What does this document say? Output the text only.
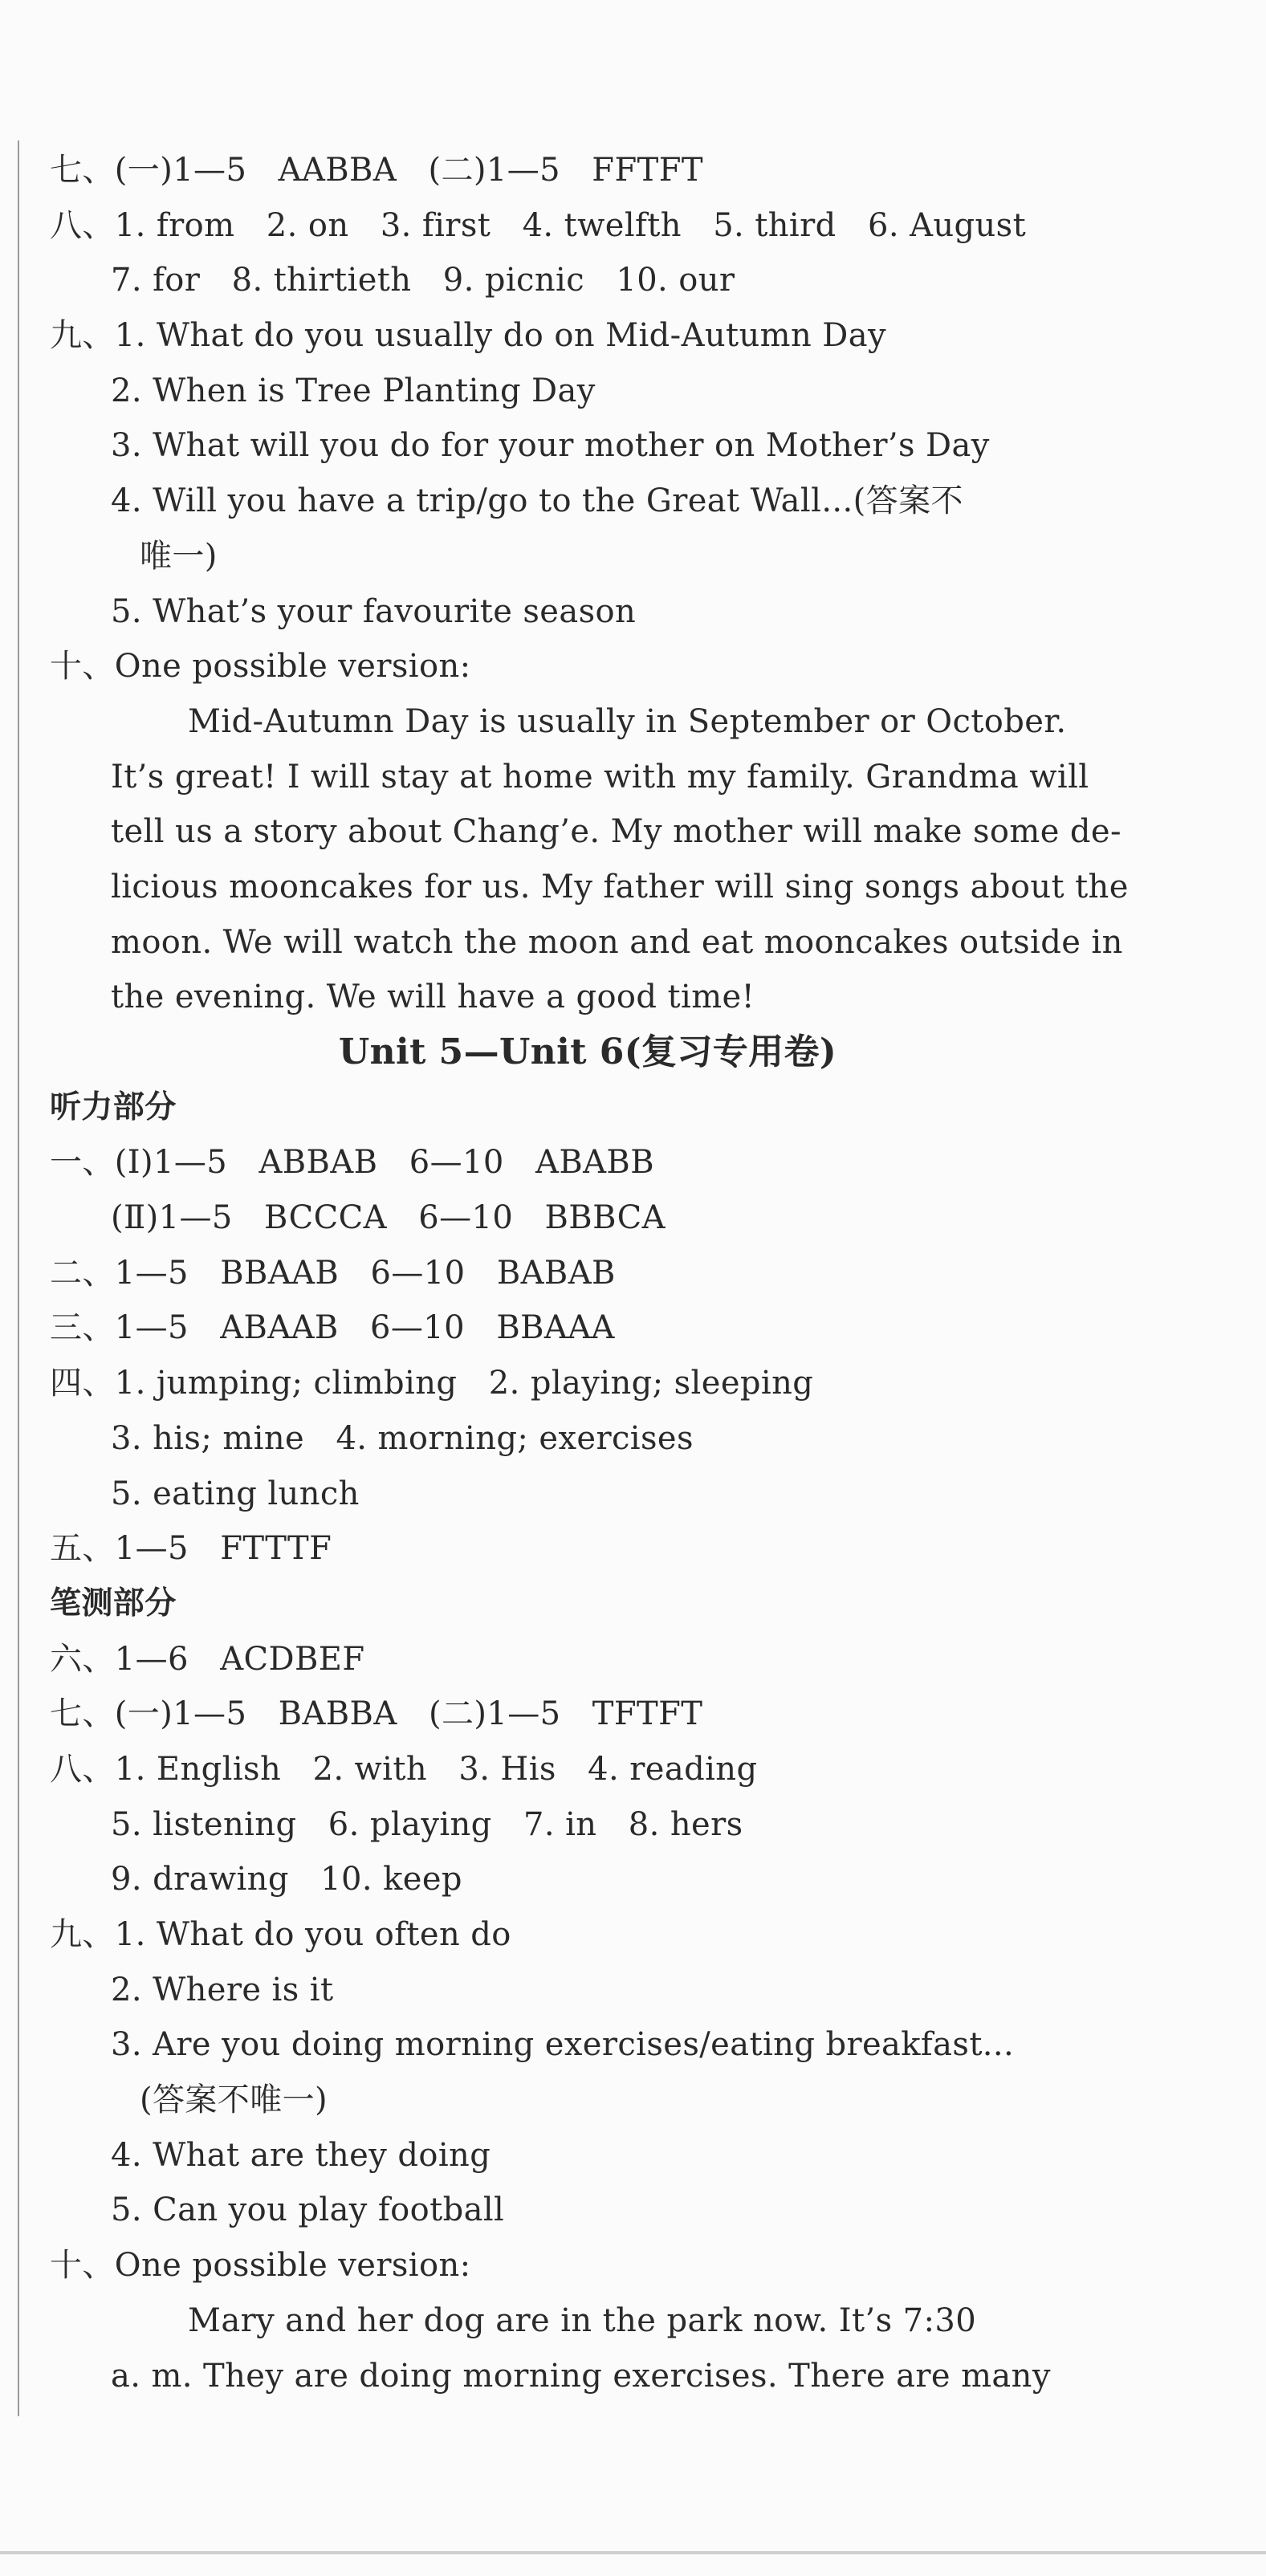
七、(一)1—5   AABBA   (二)1—5   FFTFT
八、1. from   2. on   3. first   4. twelfth   5. third   6. August
7. for   8. thirtieth   9. picnic   10. our
九、1. What do you usually do on Mid-Autumn Day
2. When is Tree Planting Day
3. What will you do for your mother on Mother’s Day
4. Will you have a trip/go to the Great Wall...(答案不
唯一)
5. What’s your favourite season
十、One possible version:
Mid-Autumn Day is usually in September or October.
It’s great! I will stay at home with my family. Grandma will
tell us a story about Chang’e. My mother will make some de-
licious mooncakes for us. My father will sing songs about the
moon. We will watch the moon and eat mooncakes outside in
the evening. We will have a good time!
Unit 5—Unit 6(复习专用卷)
听力部分
一、(Ⅰ)1—5   ABBAB   6—10   ABABB
(Ⅱ)1—5   BCCCA   6—10   BBBCA
二、1—5   BBAAB   6—10   BABAB
三、1—5   ABAAB   6—10   BBAAA
四、1. jumping; climbing   2. playing; sleeping
3. his; mine   4. morning; exercises
5. eating lunch
五、1—5   FTTTF
笔测部分
六、1—6   ACDBEF
七、(一)1—5   BABBA   (二)1—5   TFTFT
八、1. English   2. with   3. His   4. reading
5. listening   6. playing   7. in   8. hers
9. drawing   10. keep
九、1. What do you often do
2. Where is it
3. Are you doing morning exercises/eating breakfast...
(答案不唯一)
4. What are they doing
5. Can you play football
十、One possible version:
Mary and her dog are in the park now. It’s 7:30
a. m. They are doing morning exercises. There are many
